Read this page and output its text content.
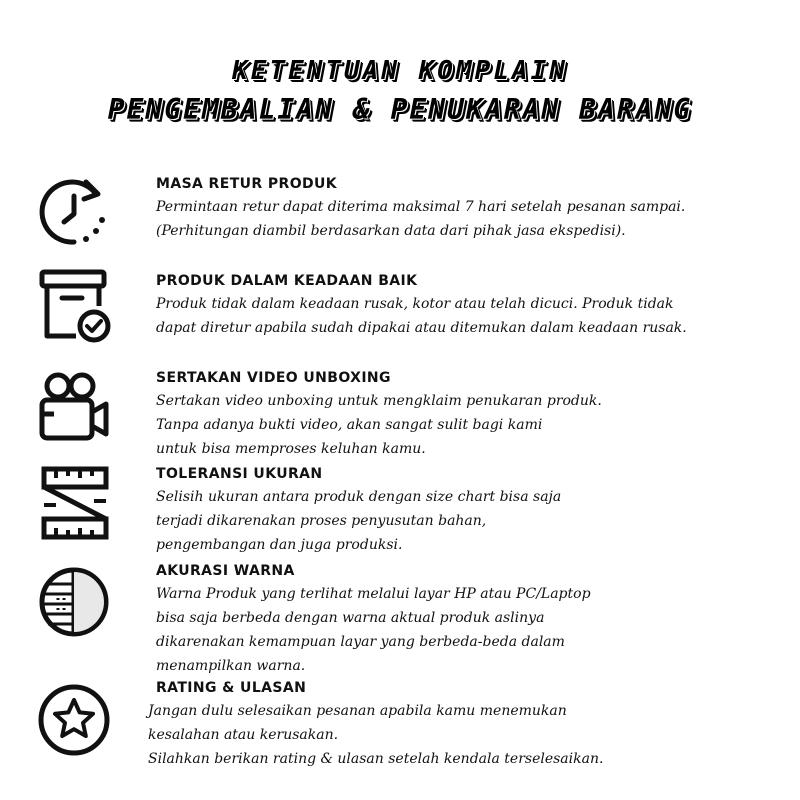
KETENTUAN KOMPLAIN
PENGEMBALIAN & PENUKARAN BARANG
MASA RETUR PRODUK
Permintaan retur dapat diterima maksimal 7 hari setelah pesanan sampai.
(Perhitungan diambil berdasarkan data dari pihak jasa ekspedisi).
PRODUK DALAM KEADAAN BAIK
Produk tidak dalam keadaan rusak, kotor atau telah dicuci. Produk tidak
dapat diretur apabila sudah dipakai atau ditemukan dalam keadaan rusak.
SERTAKAN VIDEO UNBOXING
Sertakan video unboxing untuk mengklaim penukaran produk.
Tanpa adanya bukti video, akan sangat sulit bagi kami
untuk bisa memproses keluhan kamu.
TOLERANSI UKURAN
Selisih ukuran antara produk dengan size chart bisa saja
terjadi dikarenakan proses penyusutan bahan,
pengembangan dan juga produksi.
AKURASI WARNA
Warna Produk yang terlihat melalui layar HP atau PC/Laptop
bisa saja berbeda dengan warna aktual produk aslinya
dikarenakan kemampuan layar yang berbeda-beda dalam
menampilkan warna.
RATING & ULASAN
Jangan dulu selesaikan pesanan apabila kamu menemukan
kesalahan atau kerusakan.
Silahkan berikan rating & ulasan setelah kendala terselesaikan.
